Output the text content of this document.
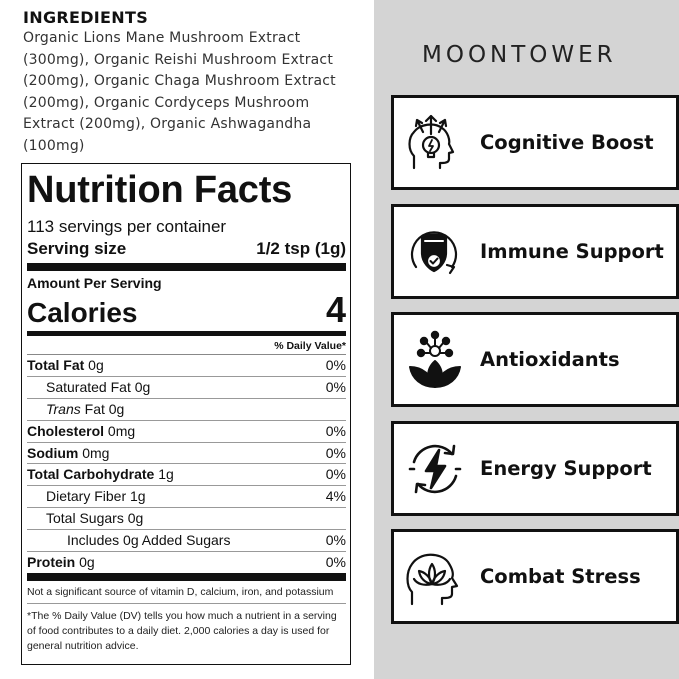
INGREDIENTS

Organic Lions Mane Mushroom Extract (300mg), Organic Reishi Mushroom Extract (200mg), Organic Chaga Mushroom Extract (200mg), Organic Cordyceps Mushroom Extract (200mg), Organic Ashwagandha (100mg)

Nutrition Facts
113 servings per container
Serving size	1/2 tsp (1g)
Amount Per Serving
Calories	4
% Daily Value*
Total Fat 0g	0%
Saturated Fat 0g	0%
Trans Fat 0g
Cholesterol 0mg	0%
Sodium 0mg	0%
Total Carbohydrate 1g	0%
Dietary Fiber 1g	4%
Total Sugars 0g
Includes 0g Added Sugars	0%
Protein 0g	0%
Not a significant source of vitamin D, calcium, iron, and potassium
*The % Daily Value (DV) tells you how much a nutrient in a serving of food contributes to a daily diet. 2,000 calories a day is used for general nutrition advice.
MOONTOWER
Cognitive Boost
Immune Support
Antioxidants
Energy Support
Combat Stress
